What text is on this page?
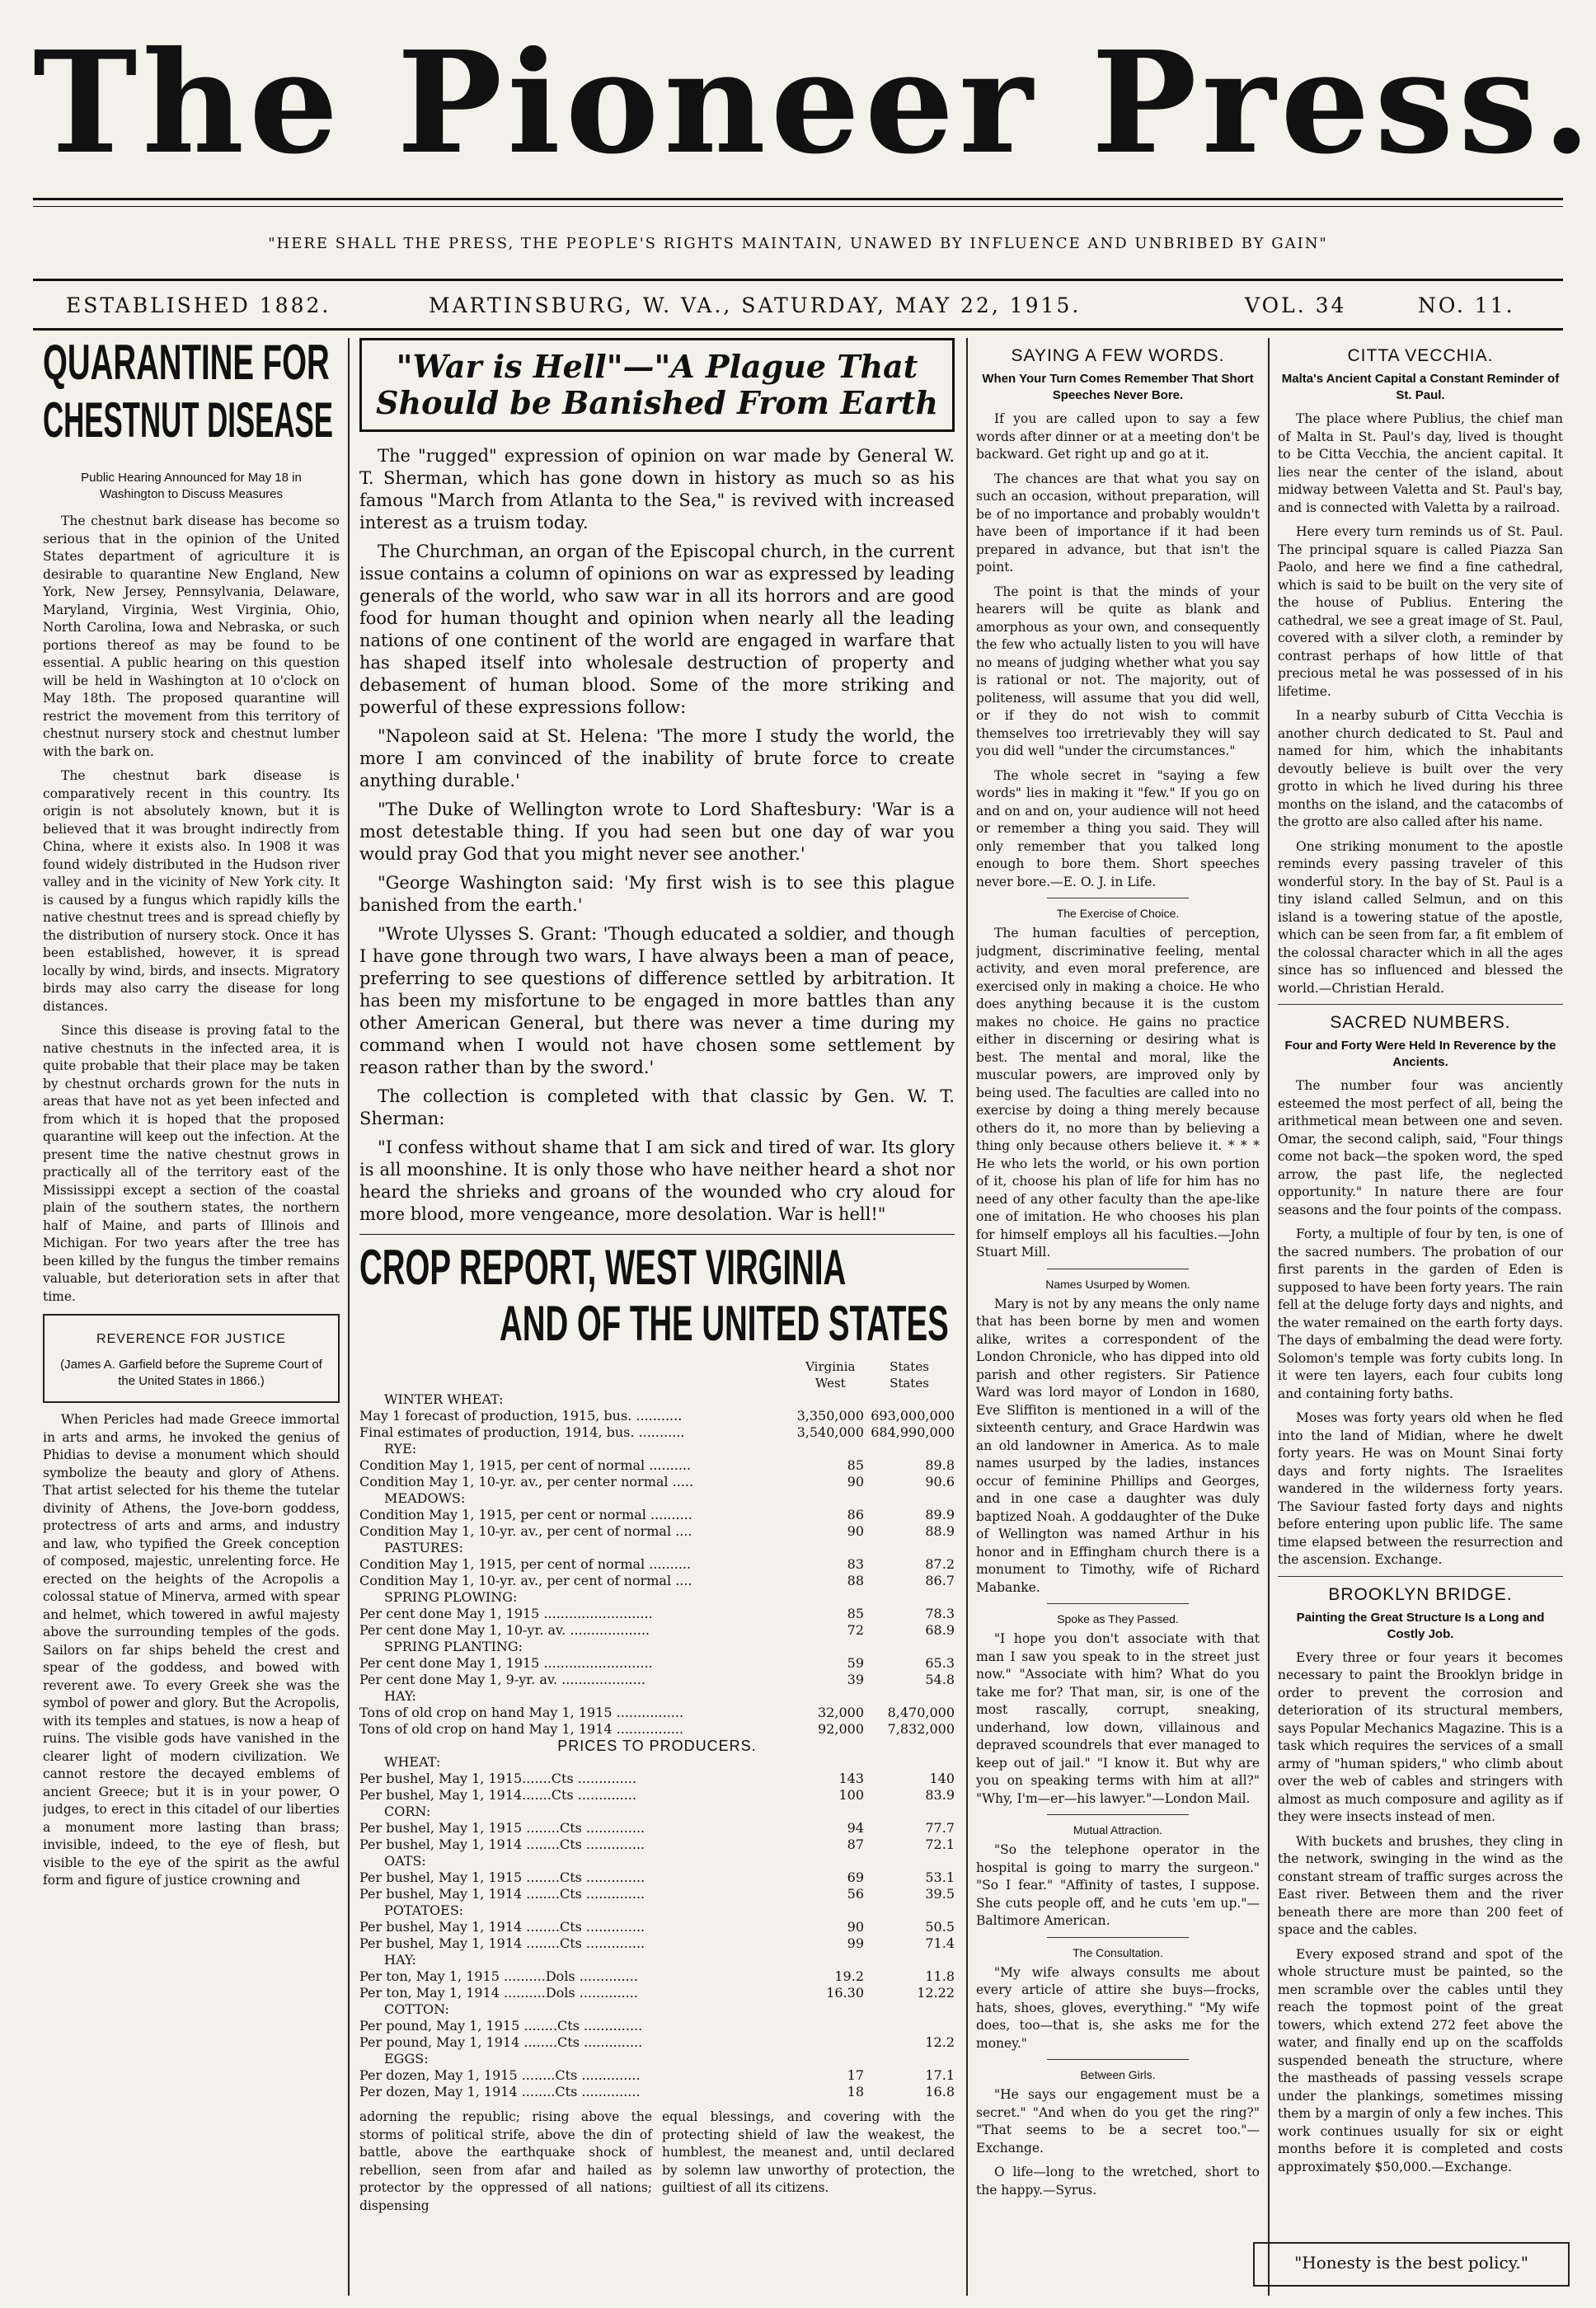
The Pioneer Press.
"HERE SHALL THE PRESS, THE PEOPLE'S RIGHTS MAINTAIN, UNAWED BY INFLUENCE AND UNBRIBED BY GAIN"
ESTABLISHED 1882.	MARTINSBURG, W. VA., SATURDAY, MAY 22, 1915.	VOL. 34	NO. 11.
QUARANTINE FOR
CHESTNUT DISEASE
Public Hearing Announced for May 18 in Washington to Discuss Measures

The chestnut bark disease has become so serious that in the opinion of the United States department of agriculture it is desirable to quarantine New England, New York, New Jersey, Pennsylvania, Delaware, Maryland, Virginia, West Virginia, Ohio, North Carolina, Iowa and Nebraska, or such portions thereof as may be found to be essential. A public hearing on this question will be held in Washington at 10 o'clock on May 18th. The proposed quarantine will restrict the movement from this territory of chestnut nursery stock and chestnut lumber with the bark on.

The chestnut bark disease is comparatively recent in this country. Its origin is not absolutely known, but it is believed that it was brought indirectly from China, where it exists also. In 1908 it was found widely distributed in the Hudson river valley and in the vicinity of New York city. It is caused by a fungus which rapidly kills the native chestnut trees and is spread chiefly by the distribution of nursery stock. Once it has been established, however, it is spread locally by wind, birds, and insects. Migratory birds may also carry the disease for long distances.

Since this disease is proving fatal to the native chestnuts in the infected area, it is quite probable that their place may be taken by chestnut orchards grown for the nuts in areas that have not as yet been infected and from which it is hoped that the proposed quarantine will keep out the infection. At the present time the native chestnut grows in practically all of the territory east of the Mississippi except a section of the coastal plain of the southern states, the northern half of Maine, and parts of Illinois and Michigan. For two years after the tree has been killed by the fungus the timber remains valuable, but deterioration sets in after that time.

REVERENCE FOR JUSTICE
(James A. Garfield before the Supreme Court of the United States in 1866.)

When Pericles had made Greece immortal in arts and arms, he invoked the genius of Phidias to devise a monument which should symbolize the beauty and glory of Athens. That artist selected for his theme the tutelar divinity of Athens, the Jove-born goddess, protectress of arts and arms, and industry and law, who typified the Greek conception of composed, majestic, unrelenting force. He erected on the heights of the Acropolis a colossal statue of Minerva, armed with spear and helmet, which towered in awful majesty above the surrounding temples of the gods. Sailors on far ships beheld the crest and spear of the goddess, and bowed with reverent awe. To every Greek she was the symbol of power and glory. But the Acropolis, with its temples and statues, is now a heap of ruins. The visible gods have vanished in the clearer light of modern civilization. We cannot restore the decayed emblems of ancient Greece; but it is in your power, O judges, to erect in this citadel of our liberties a monument more lasting than brass; invisible, indeed, to the eye of flesh, but visible to the eye of the spirit as the awful form and figure of justice crowning and

"War is Hell"—"A Plague That
Should be Banished From Earth

The "rugged" expression of opinion on war made by General W. T. Sherman, which has gone down in history as much so as his famous "March from Atlanta to the Sea," is revived with increased interest as a truism today.

The Churchman, an organ of the Episcopal church, in the current issue contains a column of opinions on war as expressed by leading generals of the world, who saw war in all its horrors and are good food for human thought and opinion when nearly all the leading nations of one continent of the world are engaged in warfare that has shaped itself into wholesale destruction of property and debasement of human blood. Some of the more striking and powerful of these expressions follow:

"Napoleon said at St. Helena: 'The more I study the world, the more I am convinced of the inability of brute force to create anything durable.'

"The Duke of Wellington wrote to Lord Shaftesbury: 'War is a most detestable thing. If you had seen but one day of war you would pray God that you might never see another.'

"George Washington said: 'My first wish is to see this plague banished from the earth.'

"Wrote Ulysses S. Grant: 'Though educated a soldier, and though I have gone through two wars, I have always been a man of peace, preferring to see questions of difference settled by arbitration. It has been my misfortune to be engaged in more battles than any other American General, but there was never a time during my command when I would not have chosen some settlement by reason rather than by the sword.'

The collection is completed with that classic by Gen. W. T. Sherman:

"I confess without shame that I am sick and tired of war. Its glory is all moonshine. It is only those who have neither heard a shot nor heard the shrieks and groans of the wounded who cry aloud for more blood, more vengeance, more desolation. War is hell!"

CROP REPORT, WEST VIRGINIA
AND OF THE UNITED STATES
	Virginia
West	States
States
WINTER WHEAT:		
May 1 forecast of production, 1915, bus. ...........	3,350,000	693,000,000
Final estimates of production, 1914, bus. ...........	3,540,000	684,990,000
RYE:		
Condition May 1, 1915, per cent of normal ..........	85	89.8
Condition May 1, 10-yr. av., per center normal .....	90	90.6
MEADOWS:		
Condition May 1, 1915, per cent or normal ..........	86	89.9
Condition May 1, 10-yr. av., per cent of normal ....	90	88.9
PASTURES:		
Condition May 1, 1915, per cent of normal ..........	83	87.2
Condition May 1, 10-yr. av., per cent of normal ....	88	86.7
SPRING PLOWING:		
Per cent done May 1, 1915 ..........................	85	78.3
Per cent done May 1, 10-yr. av. ...................	72	68.9
SPRING PLANTING:		
Per cent done May 1, 1915 ..........................	59	65.3
Per cent done May 1, 9-yr. av. ....................	39	54.8
HAY:		
Tons of old crop on hand May 1, 1915 ................	32,000	8,470,000
Tons of old crop on hand May 1, 1914 ................	92,000	7,832,000
PRICES TO PRODUCERS.		
WHEAT:		
Per bushel, May 1, 1915.......Cts ..............	143	140
Per bushel, May 1, 1914.......Cts ..............	100	83.9
CORN:		
Per bushel, May 1, 1915 ........Cts ..............	94	77.7
Per bushel, May 1, 1914 ........Cts ..............	87	72.1
OATS:		
Per bushel, May 1, 1915 ........Cts ..............	69	53.1
Per bushel, May 1, 1914 ........Cts ..............	56	39.5
POTATOES:		
Per bushel, May 1, 1914 ........Cts ..............	90	50.5
Per bushel, May 1, 1914 ........Cts ..............	99	71.4
HAY:		
Per ton, May 1, 1915 ..........Dols ..............	19.2	11.8
Per ton, May 1, 1914 ..........Dols ..............	16.30	12.22
COTTON:		
Per pound, May 1, 1915 ........Cts ..............		
Per pound, May 1, 1914 ........Cts ..............		12.2
EGGS:		
Per dozen, May 1, 1915 ........Cts ..............	17	17.1
Per dozen, May 1, 1914 ........Cts ..............	18	16.8

adorning the republic; rising above the storms of political strife, above the din of battle, above the earthquake shock of rebellion, seen from afar and hailed as protector by the oppressed of all nations; dispensing

equal blessings, and covering with the protecting shield of law the weakest, the humblest, the meanest and, until declared by solemn law unworthy of protection, the guiltiest of all its citizens.

SAYING A FEW WORDS.
When Your Turn Comes Remember That Short Speeches Never Bore.

If you are called upon to say a few words after dinner or at a meeting don't be backward. Get right up and go at it.

The chances are that what you say on such an occasion, without preparation, will be of no importance and probably wouldn't have been of importance if it had been prepared in advance, but that isn't the point.

The point is that the minds of your hearers will be quite as blank and amorphous as your own, and consequently the few who actually listen to you will have no means of judging whether what you say is rational or not. The majority, out of politeness, will assume that you did well, or if they do not wish to commit themselves too irretrievably they will say you did well "under the circumstances."

The whole secret in "saying a few words" lies in making it "few." If you go on and on and on, your audience will not heed or remember a thing you said. They will only remember that you talked long enough to bore them. Short speeches never bore.—E. O. J. in Life.

The Exercise of Choice.

The human faculties of perception, judgment, discriminative feeling, mental activity, and even moral preference, are exercised only in making a choice. He who does anything because it is the custom makes no choice. He gains no practice either in discerning or desiring what is best. The mental and moral, like the muscular powers, are improved only by being used. The faculties are called into no exercise by doing a thing merely because others do it, no more than by believing a thing only because others believe it. * * * He who lets the world, or his own portion of it, choose his plan of life for him has no need of any other faculty than the ape-like one of imitation. He who chooses his plan for himself employs all his faculties.—John Stuart Mill.

Names Usurped by Women.

Mary is not by any means the only name that has been borne by men and women alike, writes a correspondent of the London Chronicle, who has dipped into old parish and other registers. Sir Patience Ward was lord mayor of London in 1680, Eve Sliffiton is mentioned in a will of the sixteenth century, and Grace Hardwin was an old landowner in America. As to male names usurped by the ladies, instances occur of feminine Phillips and Georges, and in one case a daughter was duly baptized Noah. A goddaughter of the Duke of Wellington was named Arthur in his honor and in Effingham church there is a monument to Timothy, wife of Richard Mabanke.

Spoke as They Passed.

"I hope you don't associate with that man I saw you speak to in the street just now." "Associate with him? What do you take me for? That man, sir, is one of the most rascally, corrupt, sneaking, underhand, low down, villainous and depraved scoundrels that ever managed to keep out of jail." "I know it. But why are you on speaking terms with him at all?" "Why, I'm—er—his lawyer."—London Mail.

Mutual Attraction.

"So the telephone operator in the hospital is going to marry the surgeon." "So I fear." "Affinity of tastes, I suppose. She cuts people off, and he cuts 'em up."—Baltimore American.

The Consultation.

"My wife always consults me about every article of attire she buys—frocks, hats, shoes, gloves, everything." "My wife does, too—that is, she asks me for the money."

Between Girls.

"He says our engagement must be a secret." "And when do you get the ring?" "That seems to be a secret too."—Exchange.

O life—long to the wretched, short to the happy.—Syrus.

CITTA VECCHIA.
Malta's Ancient Capital a Constant Reminder of St. Paul.

The place where Publius, the chief man of Malta in St. Paul's day, lived is thought to be Citta Vecchia, the ancient capital. It lies near the center of the island, about midway between Valetta and St. Paul's bay, and is connected with Valetta by a railroad.

Here every turn reminds us of St. Paul. The principal square is called Piazza San Paolo, and here we find a fine cathedral, which is said to be built on the very site of the house of Publius. Entering the cathedral, we see a great image of St. Paul, covered with a silver cloth, a reminder by contrast perhaps of how little of that precious metal he was possessed of in his lifetime.

In a nearby suburb of Citta Vecchia is another church dedicated to St. Paul and named for him, which the inhabitants devoutly believe is built over the very grotto in which he lived during his three months on the island, and the catacombs of the grotto are also called after his name.

One striking monument to the apostle reminds every passing traveler of this wonderful story. In the bay of St. Paul is a tiny island called Selmun, and on this island is a towering statue of the apostle, which can be seen from far, a fit emblem of the colossal character which in all the ages since has so influenced and blessed the world.—Christian Herald.

SACRED NUMBERS.
Four and Forty Were Held In Reverence by the Ancients.

The number four was anciently esteemed the most perfect of all, being the arithmetical mean between one and seven. Omar, the second caliph, said, "Four things come not back—the spoken word, the sped arrow, the past life, the neglected opportunity." In nature there are four seasons and the four points of the compass.

Forty, a multiple of four by ten, is one of the sacred numbers. The probation of our first parents in the garden of Eden is supposed to have been forty years. The rain fell at the deluge forty days and nights, and the water remained on the earth forty days. The days of embalming the dead were forty. Solomon's temple was forty cubits long. In it were ten layers, each four cubits long and containing forty baths.

Moses was forty years old when he fled into the land of Midian, where he dwelt forty years. He was on Mount Sinai forty days and forty nights. The Israelites wandered in the wilderness forty years. The Saviour fasted forty days and nights before entering upon public life. The same time elapsed between the resurrection and the ascension. Exchange.

BROOKLYN BRIDGE.
Painting the Great Structure Is a Long and Costly Job.

Every three or four years it becomes necessary to paint the Brooklyn bridge in order to prevent the corrosion and deterioration of its structural members, says Popular Mechanics Magazine. This is a task which requires the services of a small army of "human spiders," who climb about over the web of cables and stringers with almost as much composure and agility as if they were insects instead of men.

With buckets and brushes, they cling in the network, swinging in the wind as the constant stream of traffic surges across the East river. Between them and the river beneath there are more than 200 feet of space and the cables.

Every exposed strand and spot of the whole structure must be painted, so the men scramble over the cables until they reach the topmost point of the great towers, which extend 272 feet above the water, and finally end up on the scaffolds suspended beneath the structure, where the mastheads of passing vessels scrape under the plankings, sometimes missing them by a margin of only a few inches. This work continues usually for six or eight months before it is completed and costs approximately $50,000.—Exchange.

"Honesty is the best policy."
